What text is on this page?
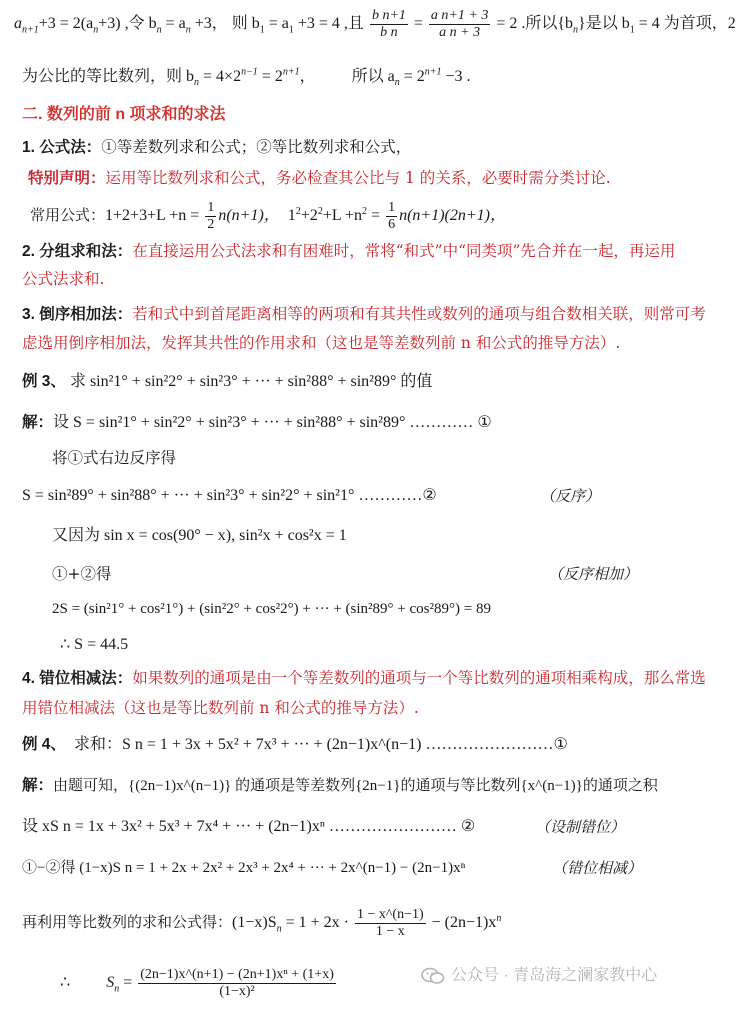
$a_{n+1}+3 = 2(a_n+3)$ ,令 $b_n = a_n +3$， 则 $b_1 = a_1 +3 = 4$ ,且 $\frac{\text{b n+1}}{\text{b n}} = \frac{\text{a n+1 + 3}}{\text{a n + 3}} = 2$ .所以$\{b_n\}$是以 $b_1 = 4$ 为首项，2
为公比的等比数列，则 $b_n = 4\times 2^{n-1} = 2^{n+1}$， 所以 $a_n = 2^{n+1} -3$ .
二. 数列的前 n 项求和的求法
1. 公式法：①等差数列求和公式；②等比数列求和公式，
特别声明：运用等比数列求和公式，务必检查其公比与 1 的关系，必要时需分类讨论.
常用公式：$1+2+3+L +n = \frac{1}{2} n(n+1)$， $1^2+2^2+L +n^2 = \frac{1}{6} n(n+1)(2n+1)$，
2. 分组求和法：在直接运用公式法求和有困难时，常将“和式”中“同类项”先合并在一起，再运用
公式法求和.
3. 倒序相加法：若和式中到首尾距离相等的两项和有其共性或数列的通项与组合数相关联，则常可考
虑选用倒序相加法，发挥其共性的作用求和（这也是等差数列前 n 和公式的推导方法）.
例 3、 求 sin²1° + sin²2° + sin²3° + ··· + sin²88° + sin²89° 的值
解：设 S = sin²1° + sin²2° + sin²3° + ··· + sin²88° + sin²89° ………… ①
将①式右边反序得
S = sin²89° + sin²88° + ··· + sin²3° + sin²2° + sin²1° …………②	（反序）
又因为 sin x = cos(90° − x), sin²x + cos²x = 1
①+②得	（反序相加）
2S = (sin²1° + cos²1°) + (sin²2° + cos²2°) + ··· + (sin²89° + cos²89°) = 89
∴ S = 44.5
4. 错位相减法：如果数列的通项是由一个等差数列的通项与一个等比数列的通项相乘构成，那么常选
用错位相减法（这也是等比数列前 n 和公式的推导方法）.
例 4、 求和：S n = 1 + 3x + 5x² + 7x³ + ··· + (2n−1)x^(n−1) ……………………①
解：由题可知，{(2n−1)x^(n−1)} 的通项是等差数列{2n−1}的通项与等比数列{x^(n−1)}的通项之积
设 xS n = 1x + 3x² + 5x³ + 7x⁴ + ··· + (2n−1)xⁿ …………………… ②	（设制错位）
①−②得 (1−x)S n = 1 + 2x + 2x² + 2x³ + 2x⁴ + ··· + 2x^(n−1) − (2n−1)xⁿ	（错位相减）
再利用等比数列的求和公式得：$(1-x)S_n = 1 + 2x \cdot \frac{1 - x\^{}(n-1)}{1 - x} - (2n-1)x^n$
∴ $S_n = \frac{\text{(2n−1)x\textasciicircum{}(n+1) − (2n+1)xⁿ + (1+x)}}{\text{(1−x)²}}$	公众号 · 青岛海之澜家教中心
